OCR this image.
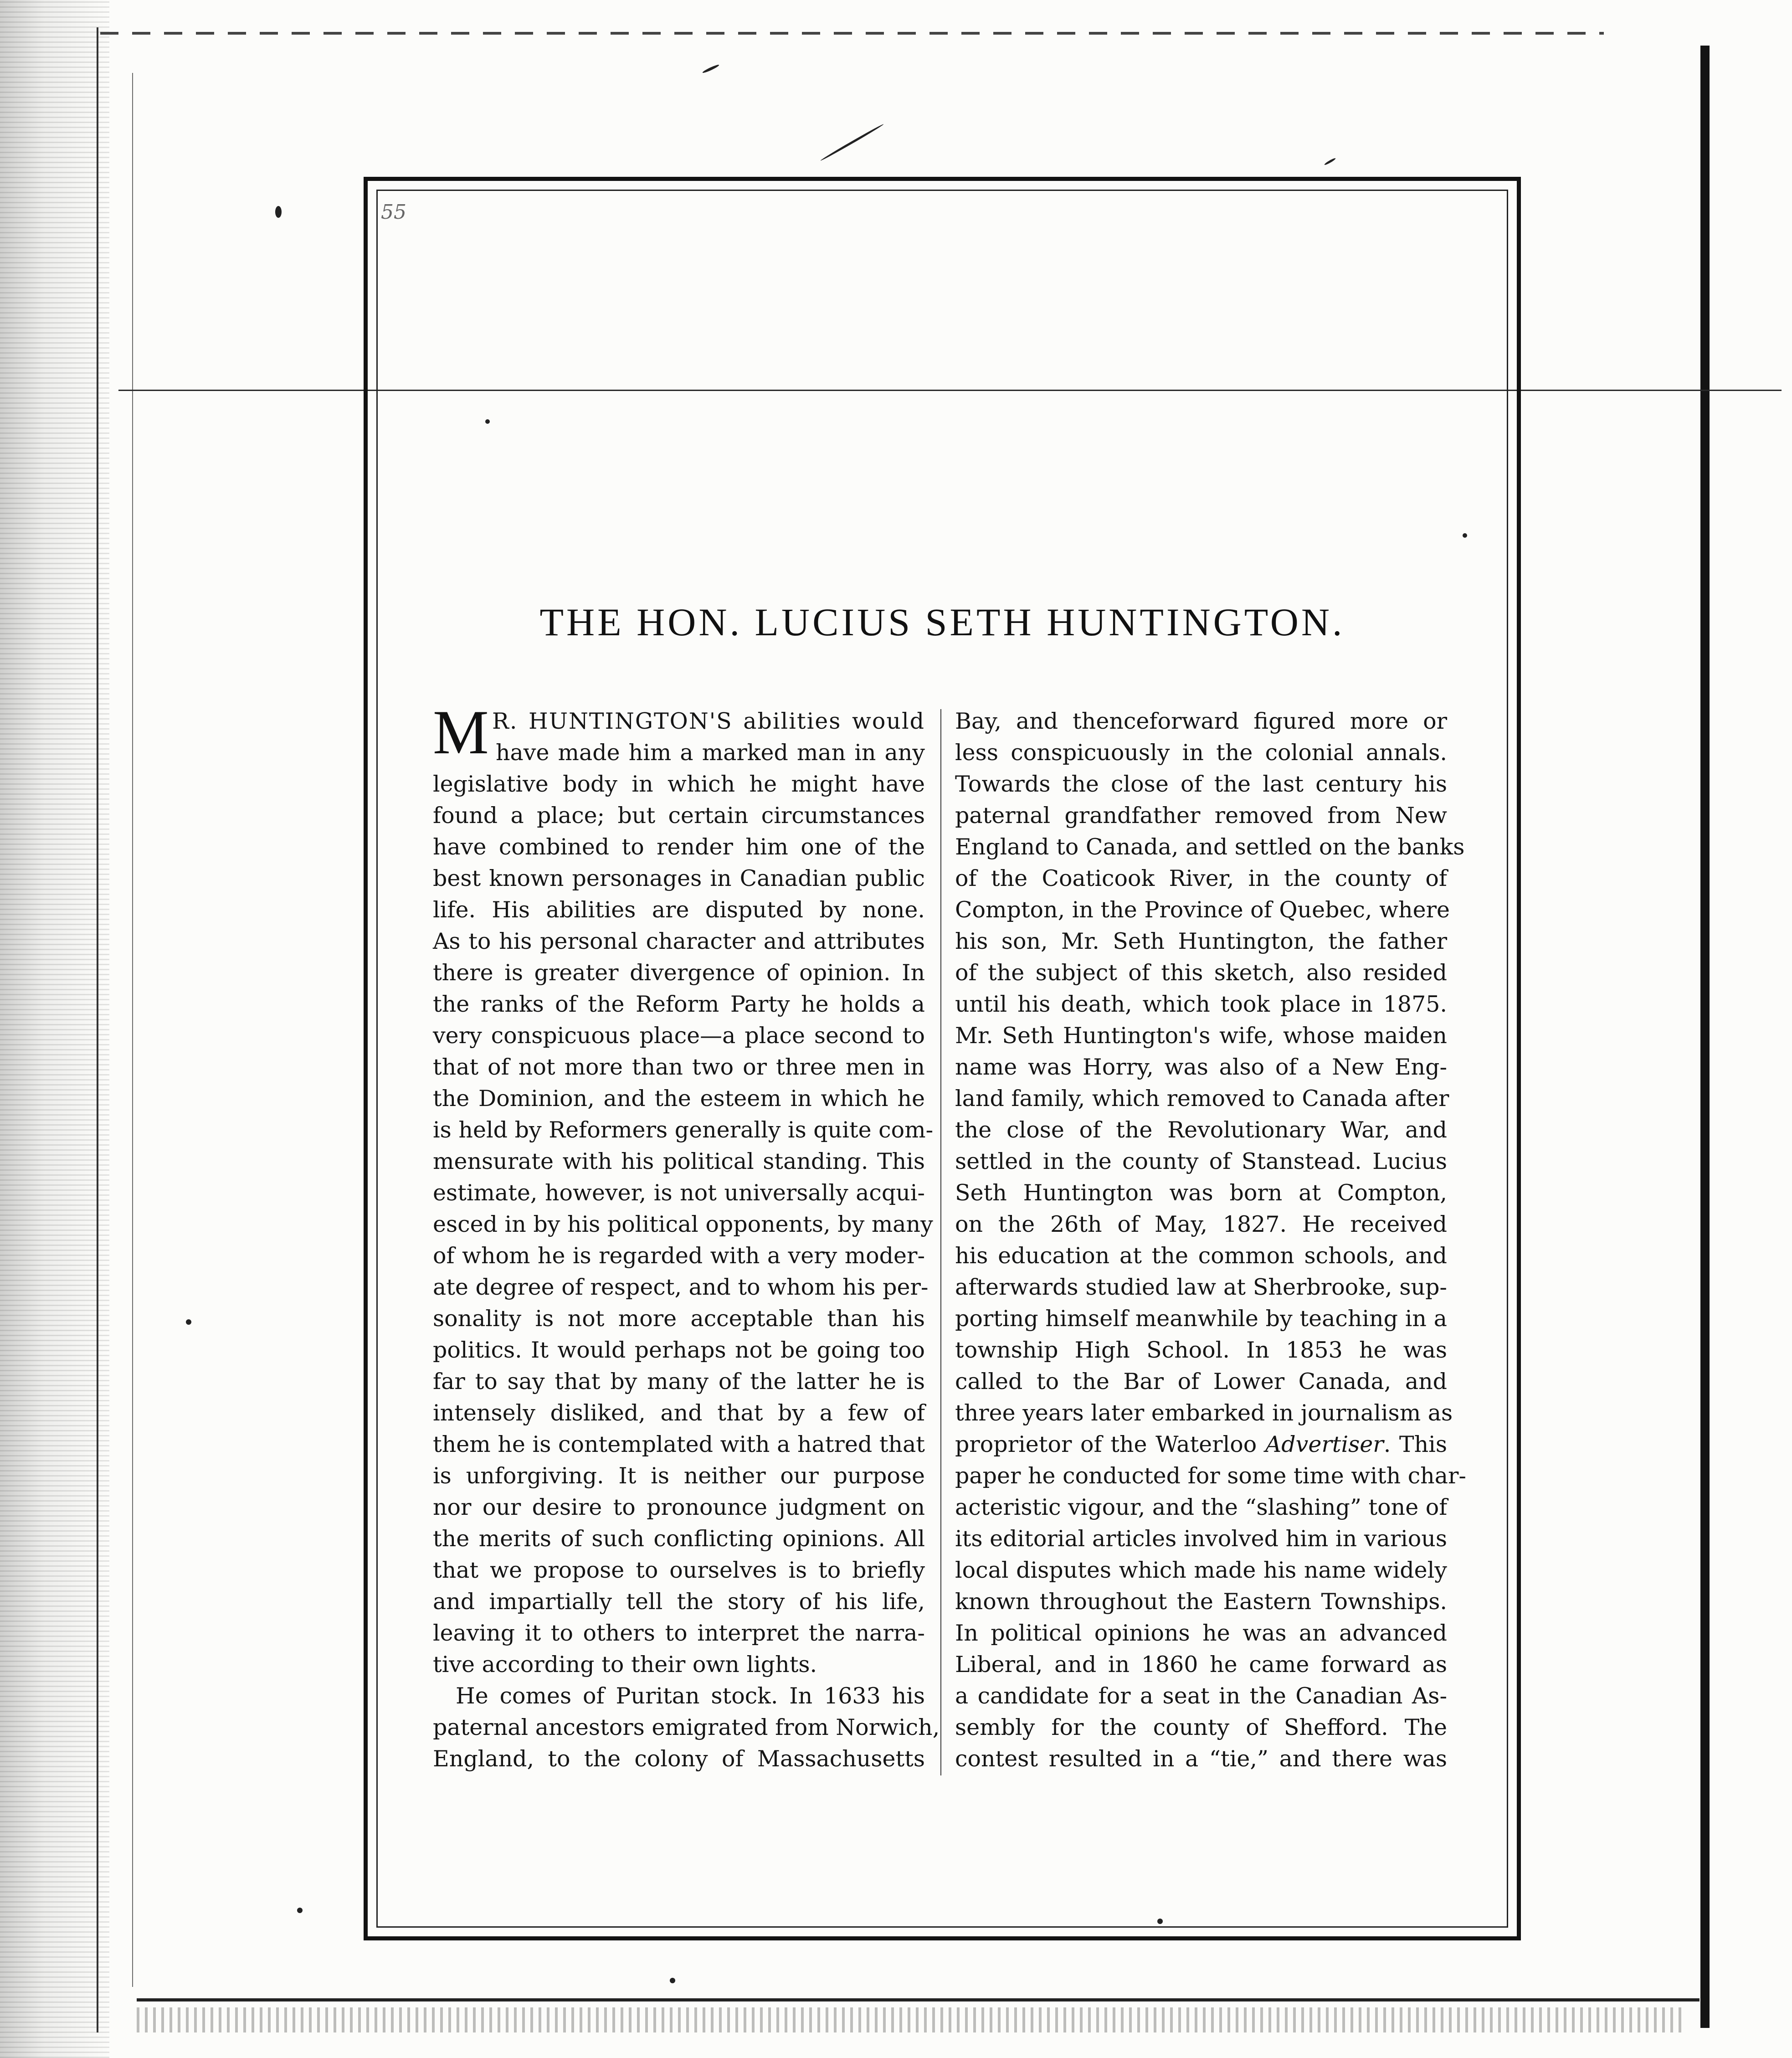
55
THE HON. LUCIUS SETH HUNTINGTON.
M R. HUNTINGTON'S abilities would
have made him a marked man in any
legislative body in which he might have
found a place; but certain circumstances
have combined to render him one of the
best known personages in Canadian public
life. His abilities are disputed by none.
As to his personal character and attributes
there is greater divergence of opinion. In
the ranks of the Reform Party he holds a
very conspicuous place—a place second to
that of not more than two or three men in
the Dominion, and the esteem in which he
is held by Reformers generally is quite com-
mensurate with his political standing. This
estimate, however, is not universally acqui-
esced in by his political opponents, by many
of whom he is regarded with a very moder-
ate degree of respect, and to whom his per-
sonality is not more acceptable than his
politics. It would perhaps not be going too
far to say that by many of the latter he is
intensely disliked, and that by a few of
them he is contemplated with a hatred that
is unforgiving. It is neither our purpose
nor our desire to pronounce judgment on
the merits of such conflicting opinions. All
that we propose to ourselves is to briefly
and impartially tell the story of his life,
leaving it to others to interpret the narra-
tive according to their own lights.
He comes of Puritan stock. In 1633 his
paternal ancestors emigrated from Norwich,
England, to the colony of Massachusetts
Bay, and thenceforward figured more or
less conspicuously in the colonial annals.
Towards the close of the last century his
paternal grandfather removed from New
England to Canada, and settled on the banks
of the Coaticook River, in the county of
Compton, in the Province of Quebec, where
his son, Mr. Seth Huntington, the father
of the subject of this sketch, also resided
until his death, which took place in 1875.
Mr. Seth Huntington's wife, whose maiden
name was Horry, was also of a New Eng-
land family, which removed to Canada after
the close of the Revolutionary War, and
settled in the county of Stanstead. Lucius
Seth Huntington was born at Compton,
on the 26th of May, 1827. He received
his education at the common schools, and
afterwards studied law at Sherbrooke, sup-
porting himself meanwhile by teaching in a
township High School. In 1853 he was
called to the Bar of Lower Canada, and
three years later embarked in journalism as
proprietor of the Waterloo Advertiser. This
paper he conducted for some time with char-
acteristic vigour, and the “slashing” tone of
its editorial articles involved him in various
local disputes which made his name widely
known throughout the Eastern Townships.
In political opinions he was an advanced
Liberal, and in 1860 he came forward as
a candidate for a seat in the Canadian As-
sembly for the county of Shefford. The
contest resulted in a “tie,” and there was
